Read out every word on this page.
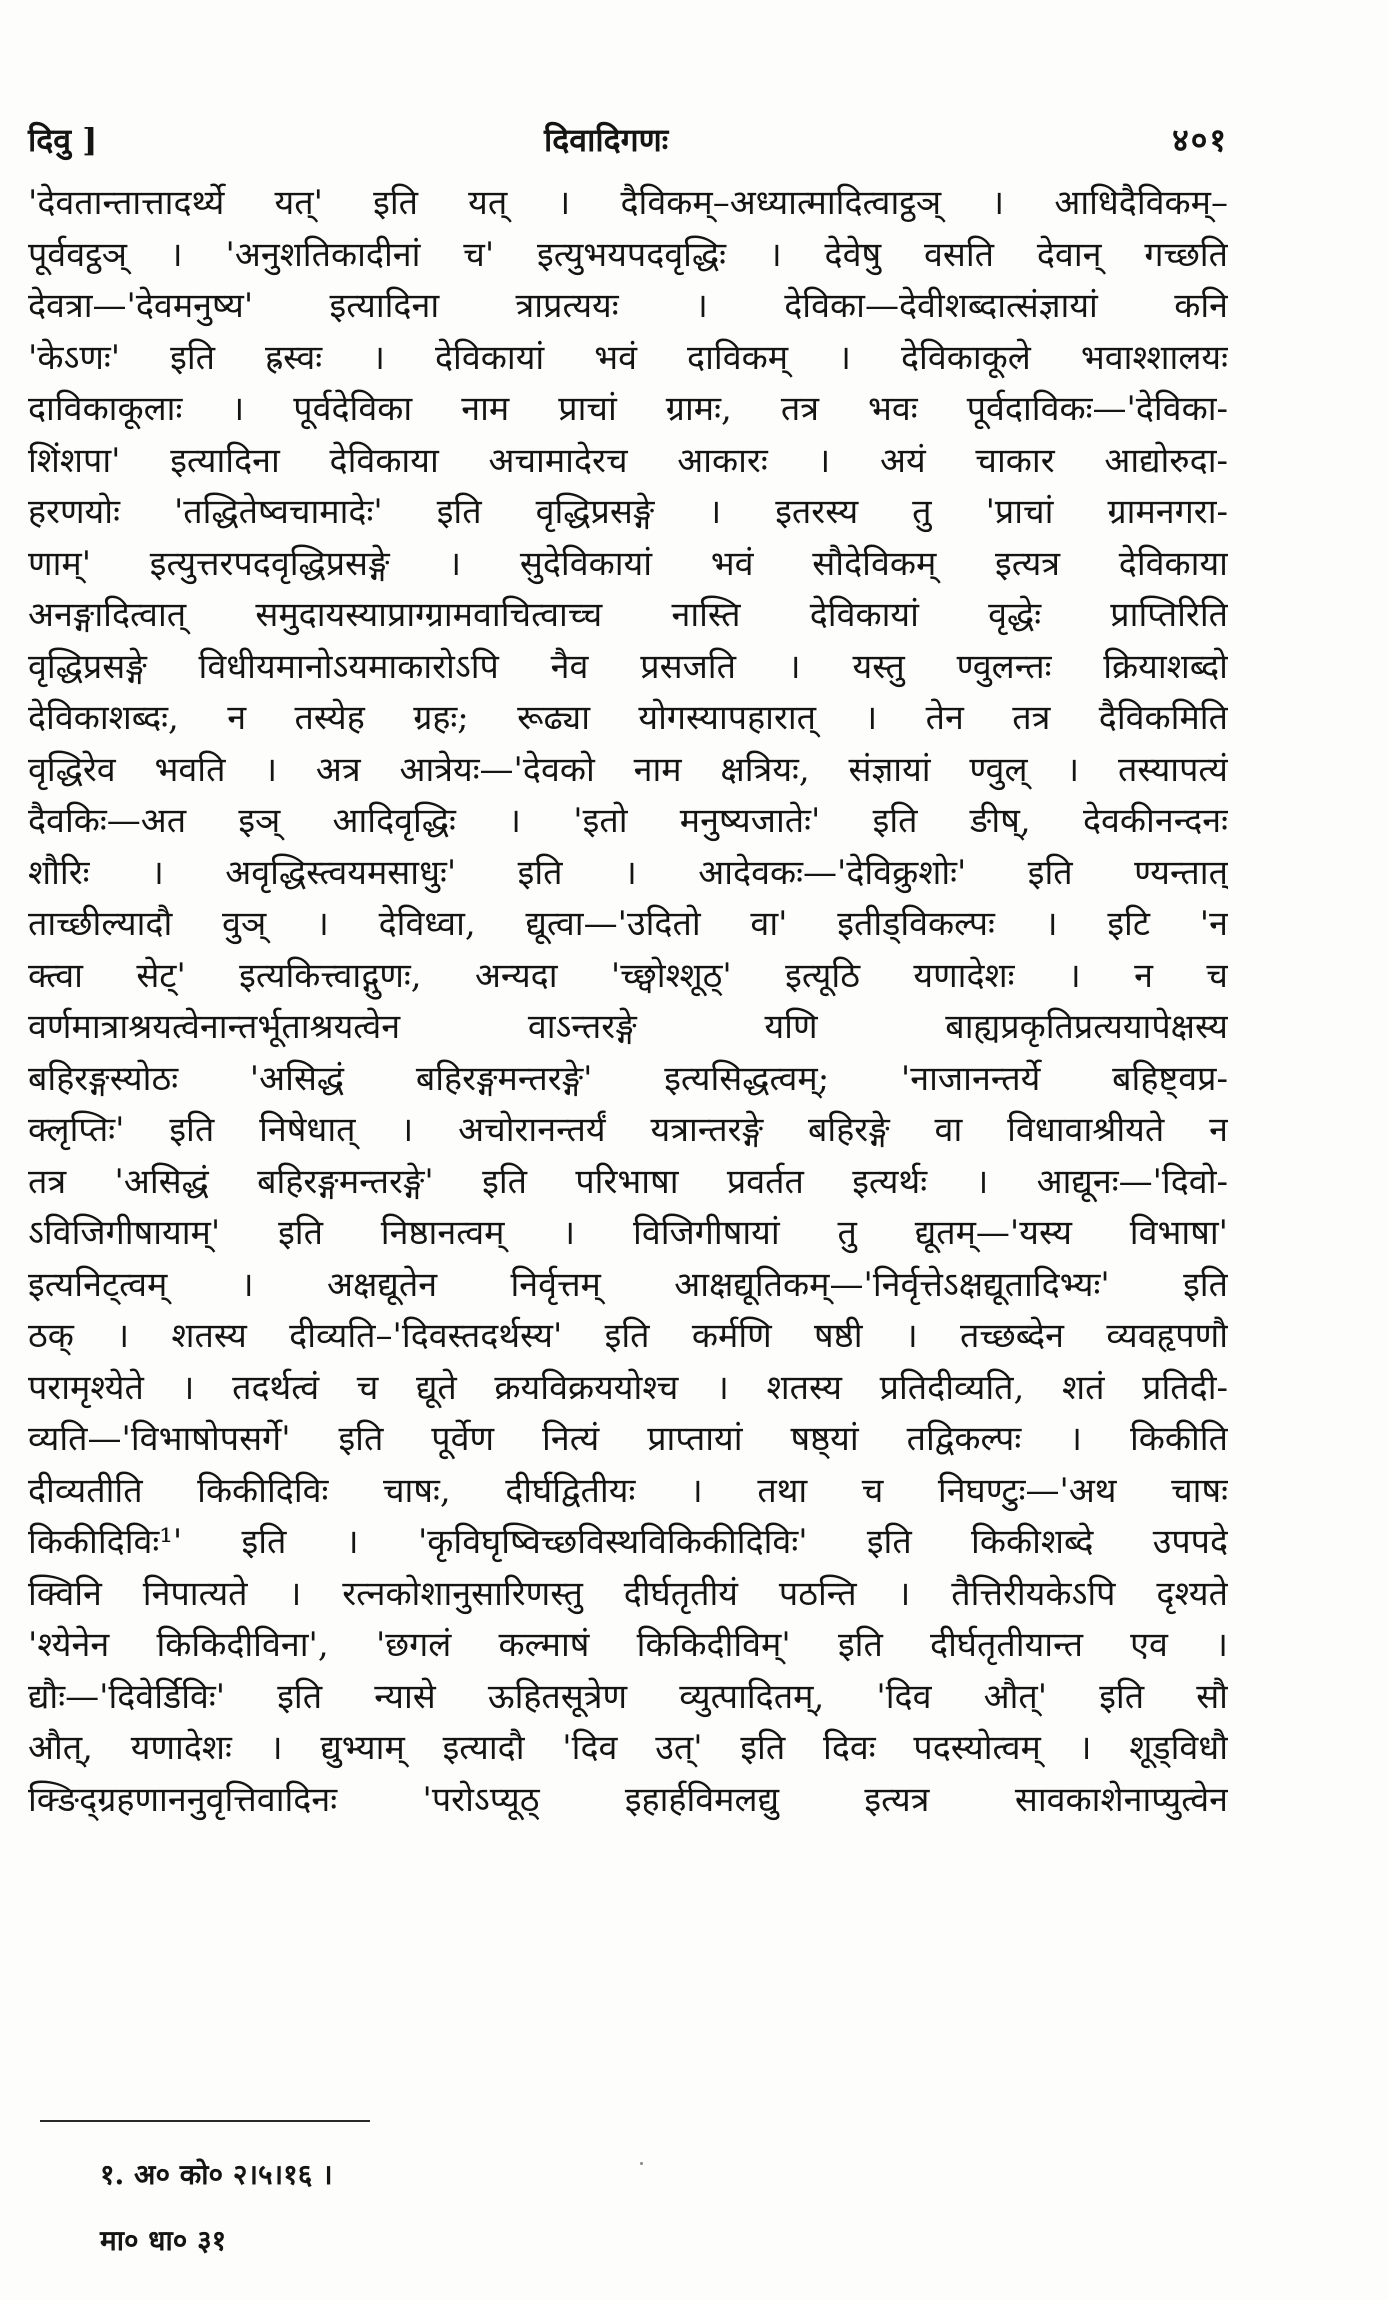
दिवु ]	दिवादिगणः	४०१
'देवतान्तात्तादर्थ्ये यत्' इति यत् । दैविकम्–अध्यात्मादित्वाट्ठञ् । आधिदैविकम्–
पूर्ववट्ठञ् । 'अनुशतिकादीनां च' इत्युभयपदवृद्धिः । देवेषु वसति देवान् गच्छति
देवत्रा—'देवमनुष्य' इत्यादिना त्राप्रत्ययः । देविका—देवीशब्दात्संज्ञायां कनि
'केऽणः' इति ह्रस्वः । देविकायां भवं दाविकम् । देविकाकूले भवाश्शालयः
दाविकाकूलाः । पूर्वदेविका नाम प्राचां ग्रामः, तत्र भवः पूर्वदाविकः—'देविका-
शिंशपा' इत्यादिना देविकाया अचामादेरच आकारः । अयं चाकार आद्योरुदा-
हरणयोः 'तद्धितेष्वचामादेः' इति वृद्धिप्रसङ्गे । इतरस्य तु 'प्राचां ग्रामनगरा-
णाम्' इत्युत्तरपदवृद्धिप्रसङ्गे । सुदेविकायां भवं सौदेविकम् इत्यत्र देविकाया
अनङ्गादित्वात् समुदायस्याप्राग्ग्रामवाचित्वाच्च नास्ति देविकायां वृद्धेः प्राप्तिरिति
वृद्धिप्रसङ्गे विधीयमानोऽयमाकारोऽपि नैव प्रसजति । यस्तु ण्वुलन्तः क्रियाशब्दो
देविकाशब्दः, न तस्येह ग्रहः; रूढ्या योगस्यापहारात् । तेन तत्र दैविकमिति
वृद्धिरेव भवति । अत्र आत्रेयः—'देवको नाम क्षत्रियः, संज्ञायां ण्वुल् । तस्यापत्यं
दैवकिः—अत इञ् आदिवृद्धिः । 'इतो मनुष्यजातेः' इति ङीष्, देवकीनन्दनः
शौरिः । अवृद्धिस्त्वयमसाधुः' इति । आदेवकः—'देविक्रुशोः' इति ण्यन्तात्
ताच्छील्यादौ वुञ् । देविध्वा, द्यूत्वा—'उदितो वा' इतीड्विकल्पः । इटि 'न
क्त्वा सेट्' इत्यकित्त्वाद्गुणः, अन्यदा 'च्छ्वोश्शूठ्' इत्यूठि यणादेशः । न च
वर्णमात्राश्रयत्वेनान्तर्भूताश्रयत्वेन वाऽन्तरङ्गे यणि बाह्यप्रकृतिप्रत्ययापेक्षस्य
बहिरङ्गस्योठः 'असिद्धं बहिरङ्गमन्तरङ्गे' इत्यसिद्धत्वम्; 'नाजानन्तर्ये बहिष्ट्वप्र-
क्लृप्तिः' इति निषेधात् । अचोरानन्तर्यं यत्रान्तरङ्गे बहिरङ्गे वा विधावाश्रीयते न
तत्र 'असिद्धं बहिरङ्गमन्तरङ्गे' इति परिभाषा प्रवर्तत इत्यर्थः । आद्यूनः—'दिवो-
ऽविजिगीषायाम्' इति निष्ठानत्वम् । विजिगीषायां तु द्यूतम्—'यस्य विभाषा'
इत्यनिट्त्वम् । अक्षद्यूतेन निर्वृत्तम् आक्षद्यूतिकम्—'निर्वृत्तेऽक्षद्यूतादिभ्यः' इति
ठक् । शतस्य दीव्यति–'दिवस्तदर्थस्य' इति कर्मणि षष्ठी । तच्छब्देन व्यवहृपणौ
परामृश्येते । तदर्थत्वं च द्यूते क्रयविक्रययोश्च । शतस्य प्रतिदीव्यति, शतं प्रतिदी-
व्यति—'विभाषोपसर्गे' इति पूर्वेण नित्यं प्राप्तायां षष्ठ्यां तद्विकल्पः । किकीति
दीव्यतीति किकीदिविः चाषः, दीर्घद्वितीयः । तथा च निघण्टुः—'अथ चाषः
किकीदिविः¹' इति । 'कृविघृष्विच्छविस्थविकिकीदिविः' इति किकीशब्दे उपपदे
क्विनि निपात्यते । रत्नकोशानुसारिणस्तु दीर्घतृतीयं पठन्ति । तैत्तिरीयकेऽपि दृश्यते
'श्येनेन किकिदीविना', 'छगलं कल्माषं किकिदीविम्' इति दीर्घतृतीयान्त एव ।
द्यौः—'दिवेर्डिविः' इति न्यासे ऊहितसूत्रेण व्युत्पादितम्, 'दिव औत्' इति सौ
औत्, यणादेशः । द्युभ्याम् इत्यादौ 'दिव उत्' इति दिवः पदस्योत्वम् । शूड्विधौ
क्ङिद्ग्रहणाननुवृत्तिवादिनः 'परोऽप्यूठ् इहार्हविमलद्यु इत्यत्र सावकाशेनाप्युत्वेन
१. अ० को० २।५।१६ ।
मा० धा० ३१
